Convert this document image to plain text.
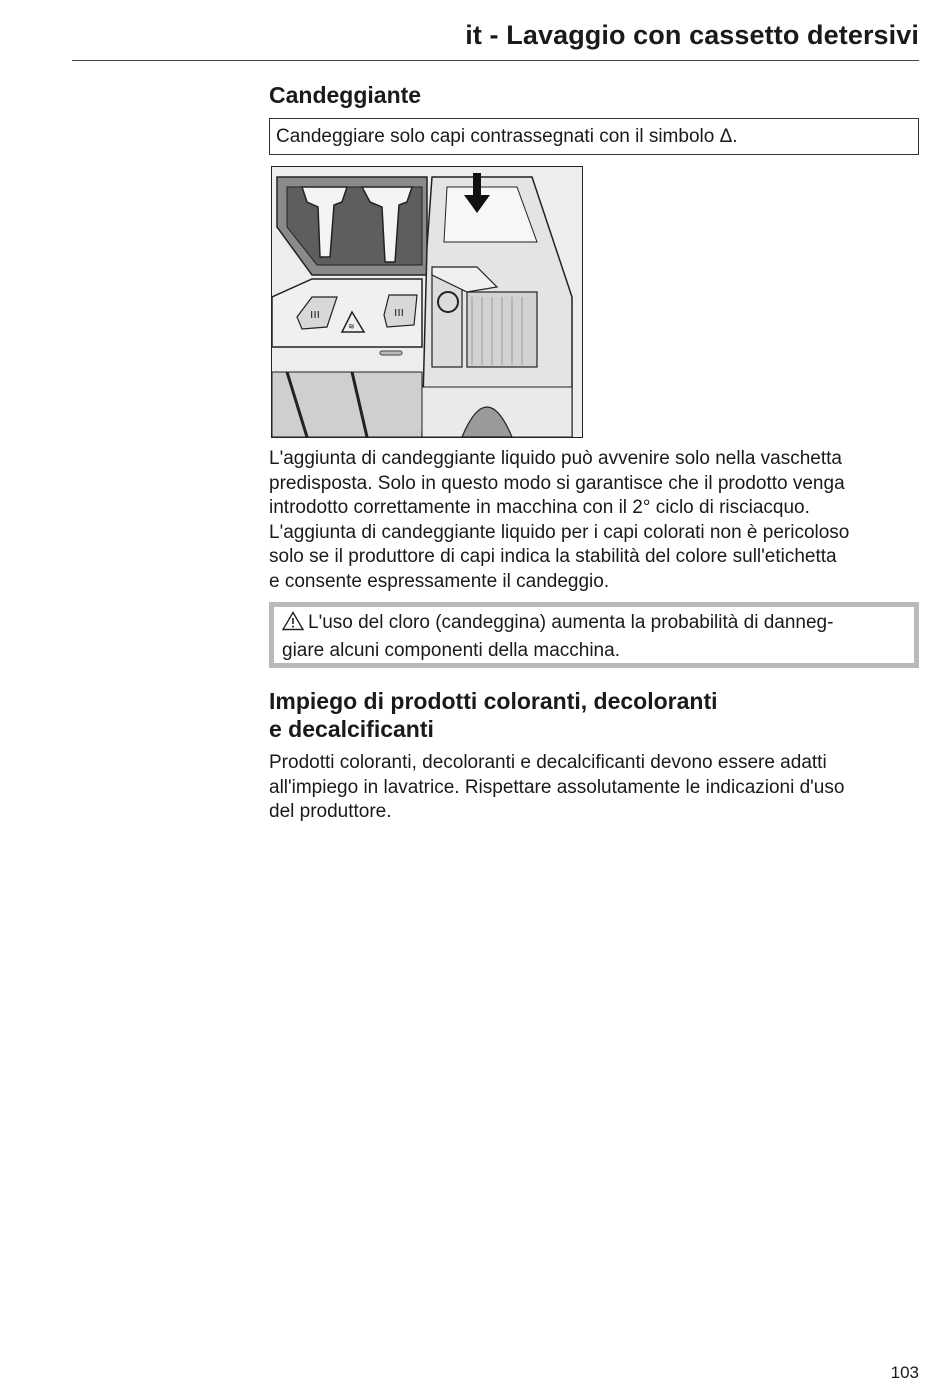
it - Lavaggio con cassetto detersivi
Candeggiante
Candeggiare solo capi contrassegnati con il simbolo Δ.
ııı	ııı
≋
L'aggiunta di candeggiante liquido può avvenire solo nella vaschetta
predisposta. Solo in questo modo si garantisce che il prodotto venga
introdotto correttamente in macchina con il 2° ciclo di risciacquo.
L'aggiunta di candeggiante liquido per i capi colorati non è pericoloso
solo se il produttore di capi indica la stabilità del colore sull'etichetta
e consente espressamente il candeggio.
L'uso del cloro (candeggina) aumenta la probabilità di danneg-
giare alcuni componenti della macchina.
Impiego di prodotti coloranti, decoloranti
e decalcificanti
Prodotti coloranti, decoloranti e decalcificanti devono essere adatti
all'impiego in lavatrice. Rispettare assolutamente le indicazioni d'uso
del produttore.
103
